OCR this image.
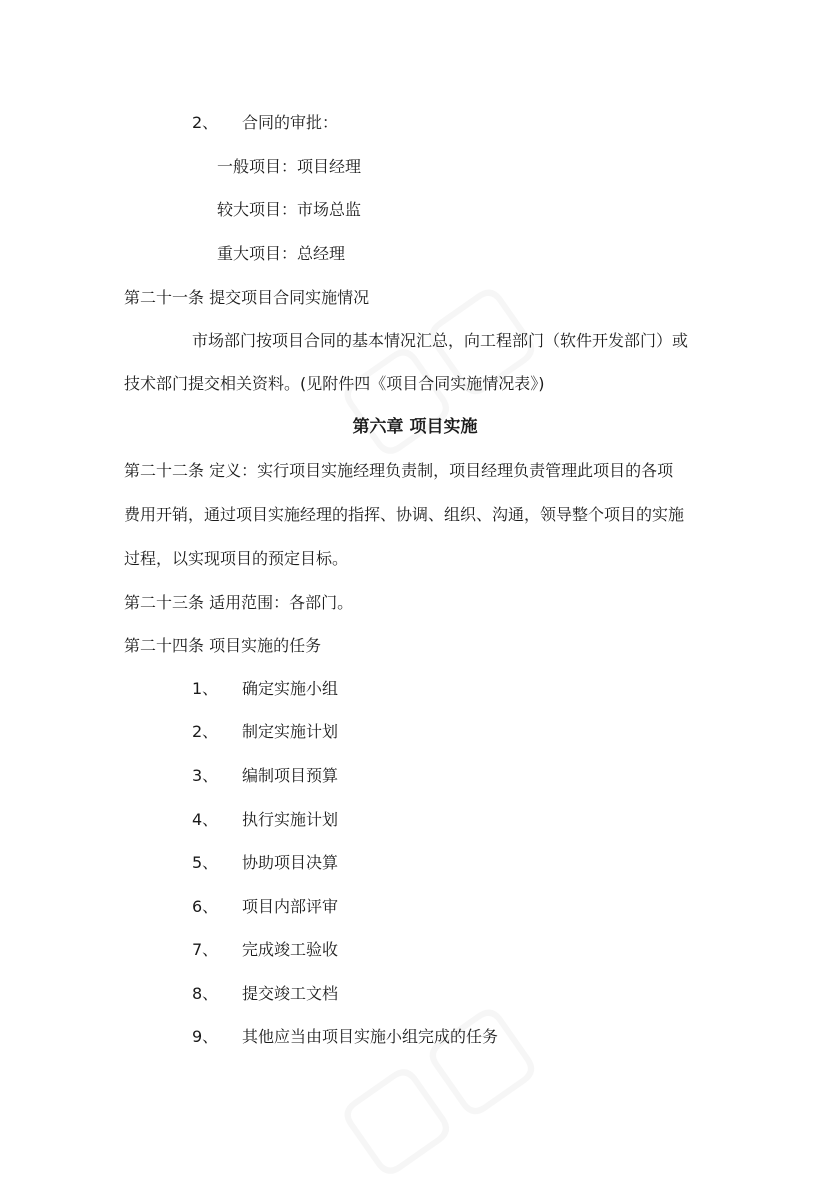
2、 合同的审批：
一般项目：项目经理
较大项目：市场总监
重大项目：总经理
第二十一条 提交项目合同实施情况
市场部门按项目合同的基本情况汇总，向工程部门（软件开发部门）或
技术部门提交相关资料。(见附件四《项目合同实施情况表》)
第六章 项目实施
第二十二条 定义：实行项目实施经理负责制，项目经理负责管理此项目的各项
费用开销，通过项目实施经理的指挥、协调、组织、沟通，领导整个项目的实施
过程，以实现项目的预定目标。
第二十三条 适用范围：各部门。
第二十四条 项目实施的任务
1、 确定实施小组
2、 制定实施计划
3、 编制项目预算
4、 执行实施计划
5、 协助项目决算
6、 项目内部评审
7、 完成竣工验收
8、 提交竣工文档
9、 其他应当由项目实施小组完成的任务
